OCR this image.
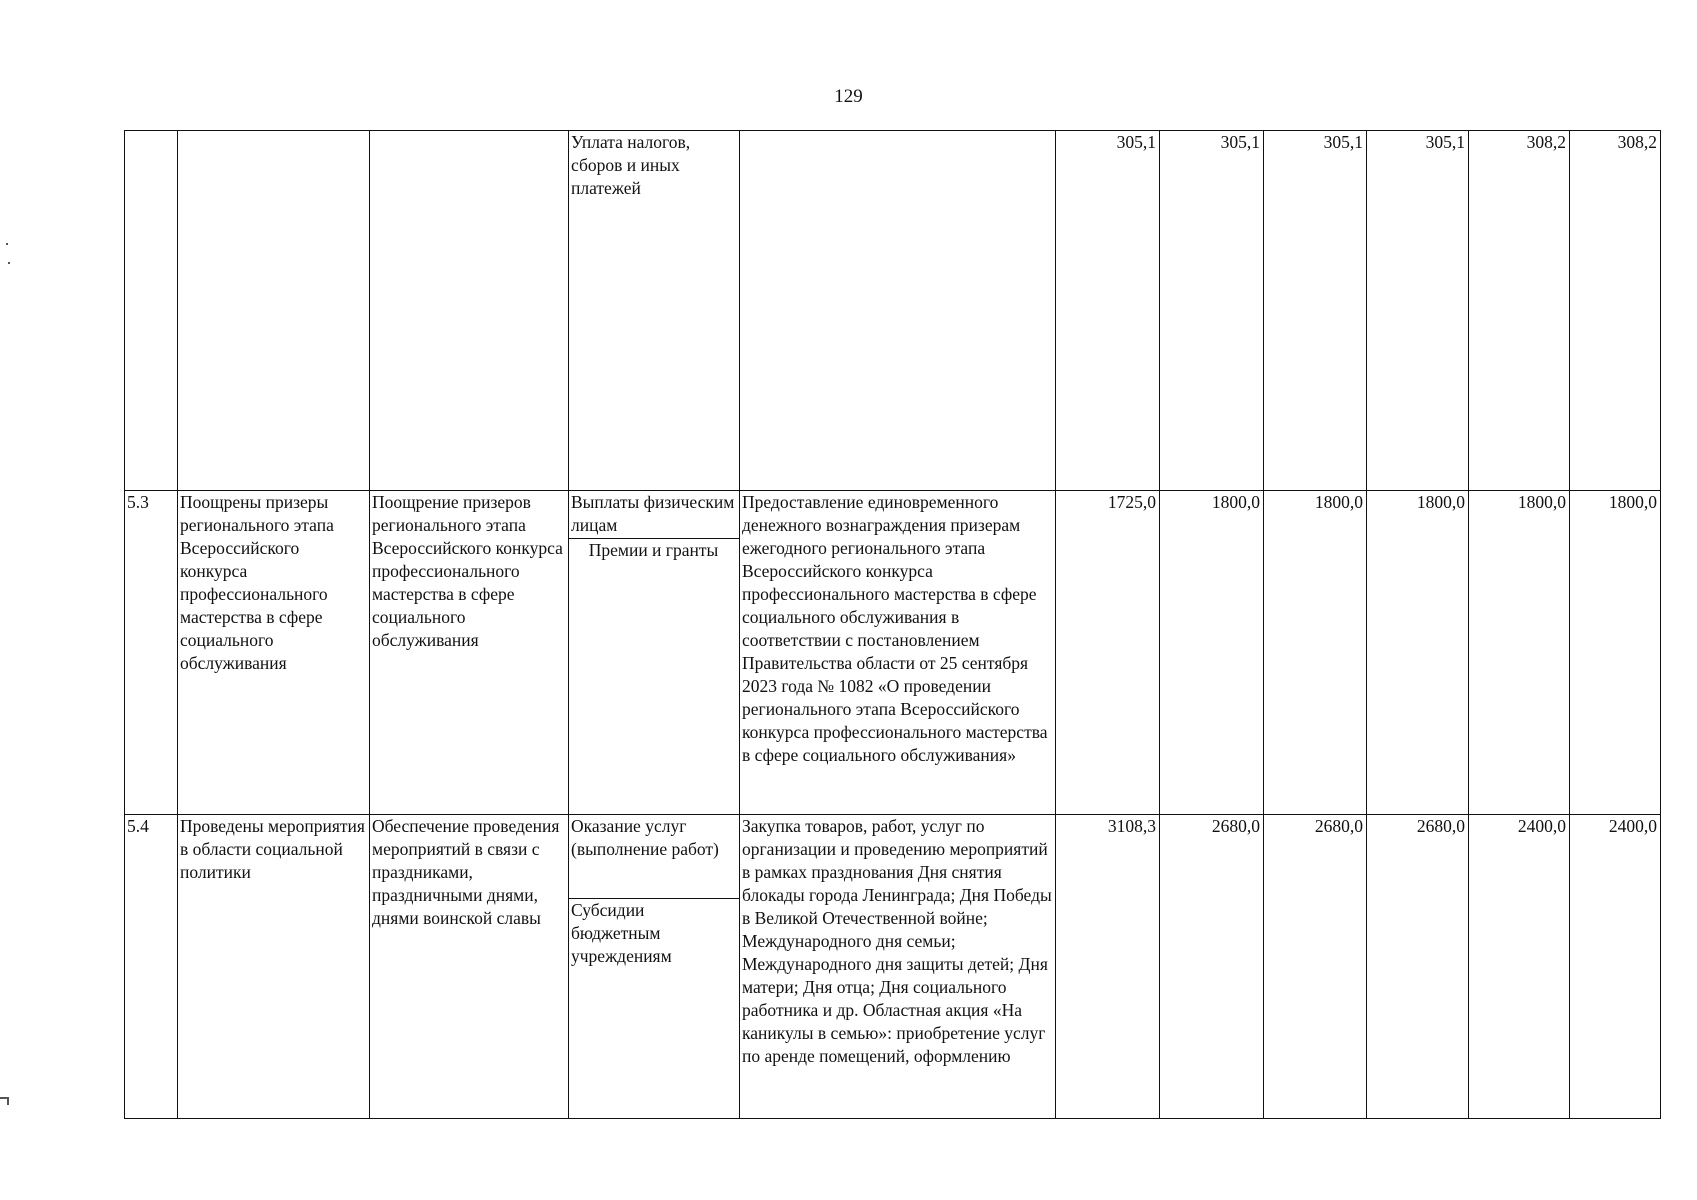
129
			Уплата налогов, сборов и иных платежей		305,1	305,1	305,1	305,1	308,2	308,2
5.3	Поощрены призеры регионального этапа Всероссийского конкурса профессионального мастерства в сфере социального обслуживания	Поощрение призеров регионального этапа Всероссийского конкурса профессионального мастерства в сфере социального обслуживания	Выплаты физическим лицам	Предоставление единовременного денежного вознаграждения призерам ежегодного регионального этапа Всероссийского конкурса профессионального мастерства в сфере социального обслуживания в соответствии с постановлением Правительства области от 25 сентября 2023 года № 1082 «О проведении регионального этапа Всероссийского конкурса профессионального мастерства в сфере социального обслуживания»	1725,0	1800,0	1800,0	1800,0	1800,0	1800,0
			Премии и гранты							
5.4	Проведены мероприятия в области социальной политики	Обеспечение проведения мероприятий в связи с праздниками, праздничными днями, днями воинской славы	Оказание услуг (выполнение работ)	Закупка товаров, работ, услуг по организации и проведению мероприятий в рамках празднования Дня снятия блокады города Ленинграда; Дня Победы в Великой Отечественной войне; Международного дня семьи; Международного дня защиты детей; Дня матери; Дня отца; Дня социального работника и др. Областная акция «На каникулы в семью»: приобретение услуг по аренде помещений, оформлению	3108,3	2680,0	2680,0	2680,0	2400,0	2400,0
			Субсидии бюджетным учреждениям							
